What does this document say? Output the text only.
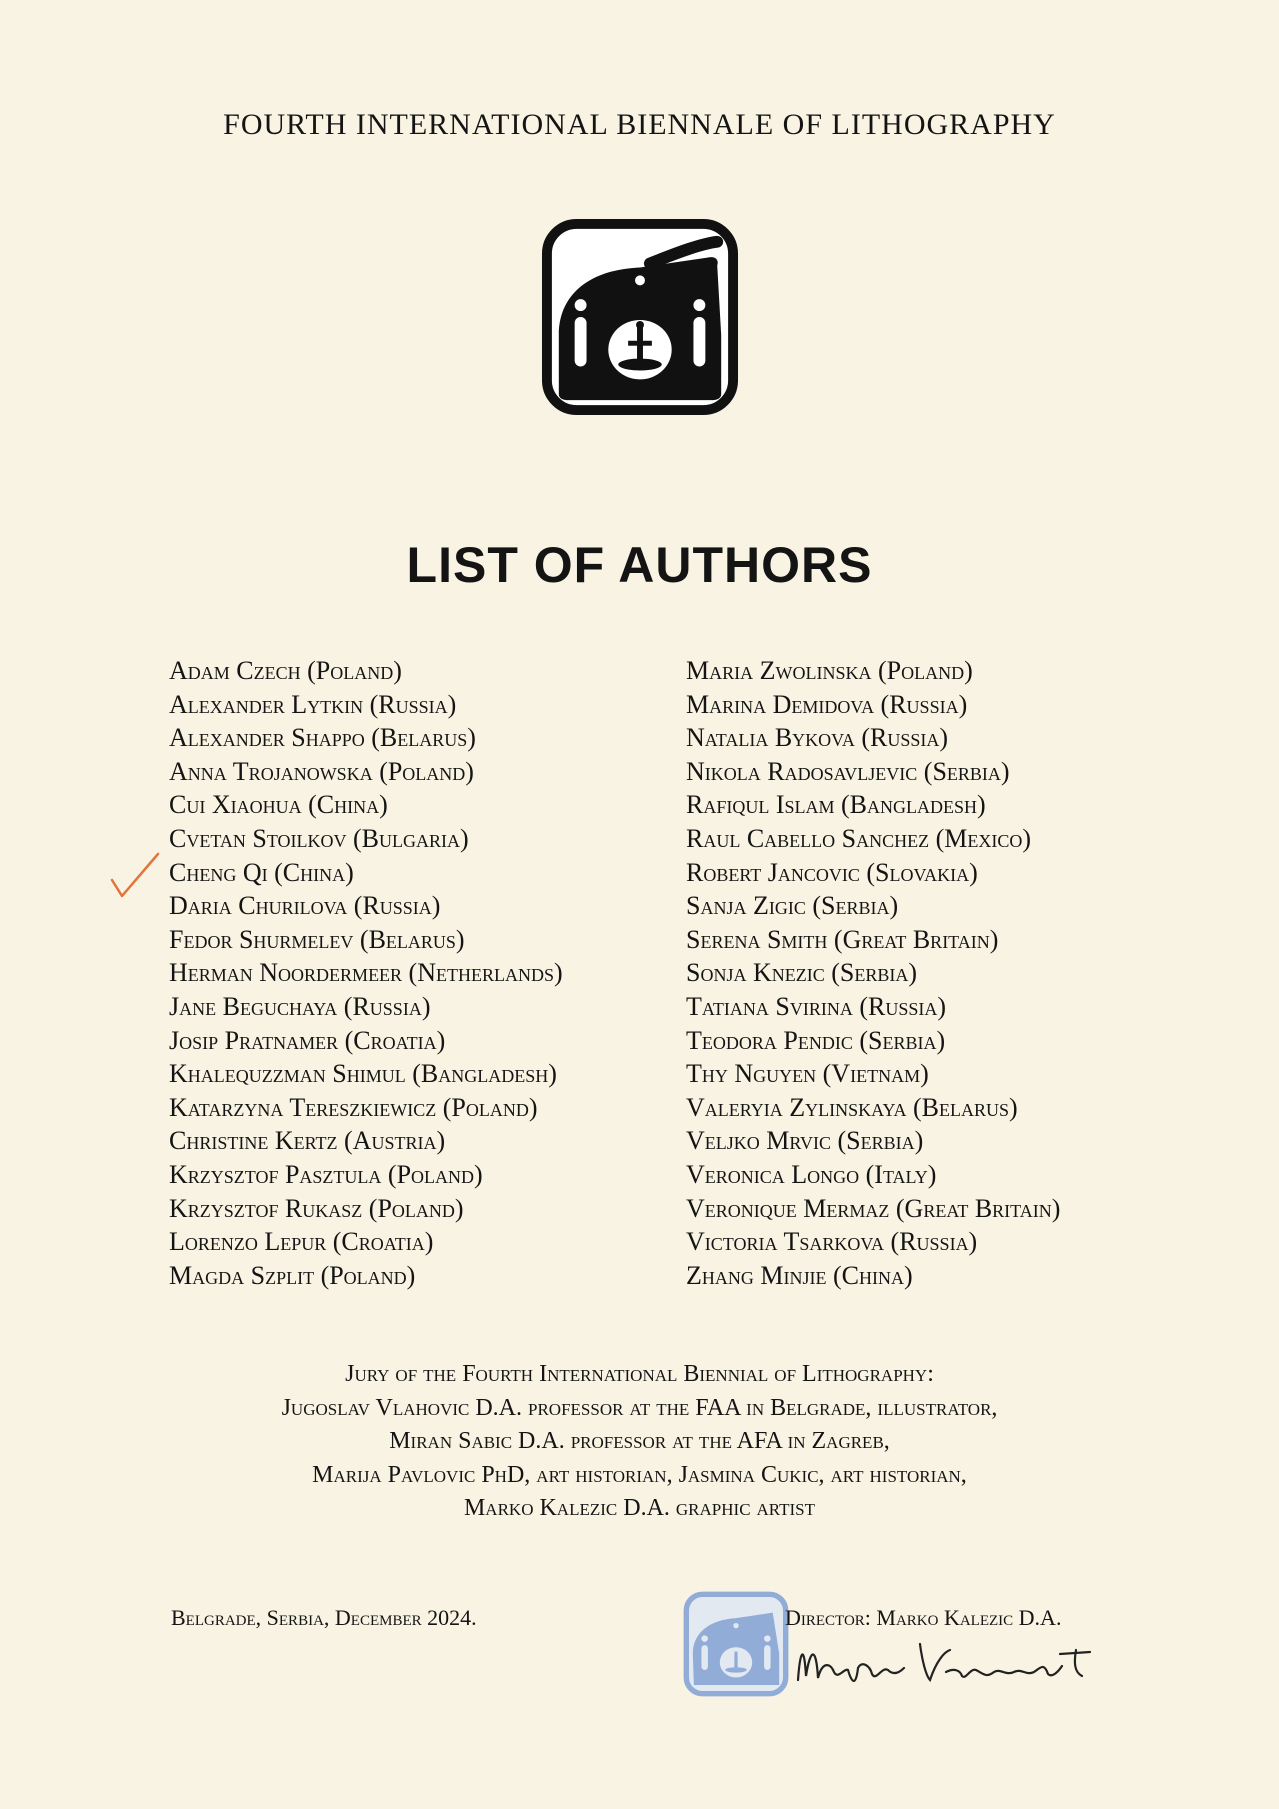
FOURTH INTERNATIONAL BIENNALE OF LITHOGRAPHY
LIST OF AUTHORS
Adam Czech (Poland)
Alexander Lytkin (Russia)
Alexander Shappo (Belarus)
Anna Trojanowska (Poland)
Cui Xiaohua (China)
Cvetan Stoilkov (Bulgaria)
Cheng Qi (China)
Daria Churilova (Russia)
Fedor Shurmelev (Belarus)
Herman Noordermeer (Netherlands)
Jane Beguchaya (Russia)
Josip Pratnamer (Croatia)
Khalequzzman Shimul (Bangladesh)
Katarzyna Tereszkiewicz (Poland)
Christine Kertz (Austria)
Krzysztof Pasztula (Poland)
Krzysztof Rukasz (Poland)
Lorenzo Lepur (Croatia)
Magda Szplit (Poland)
Maria Zwolinska (Poland)
Marina Demidova (Russia)
Natalia Bykova (Russia)
Nikola Radosavljevic (Serbia)
Rafiqul Islam (Bangladesh)
Raul Cabello Sanchez (Mexico)
Robert Jancovic (Slovakia)
Sanja Zigic (Serbia)
Serena Smith (Great Britain)
Sonja Knezic (Serbia)
Tatiana Svirina (Russia)
Teodora Pendic (Serbia)
Thy Nguyen (Vietnam)
Valeryia Zylinskaya (Belarus)
Veljko Mrvic (Serbia)
Veronica Longo (Italy)
Veronique Mermaz (Great Britain)
Victoria Tsarkova (Russia)
Zhang Minjie (China)
Jury of the Fourth International Biennial of Lithography:
Jugoslav Vlahovic D.A. professor at the FAA in Belgrade, illustrator,
Miran Sabic D.A. professor at the AFA in Zagreb,
Marija Pavlovic PhD, art historian, Jasmina Cukic, art historian,
Marko Kalezic D.A. graphic artist
Belgrade, Serbia, December 2024.	Director: Marko Kalezic D.A.
